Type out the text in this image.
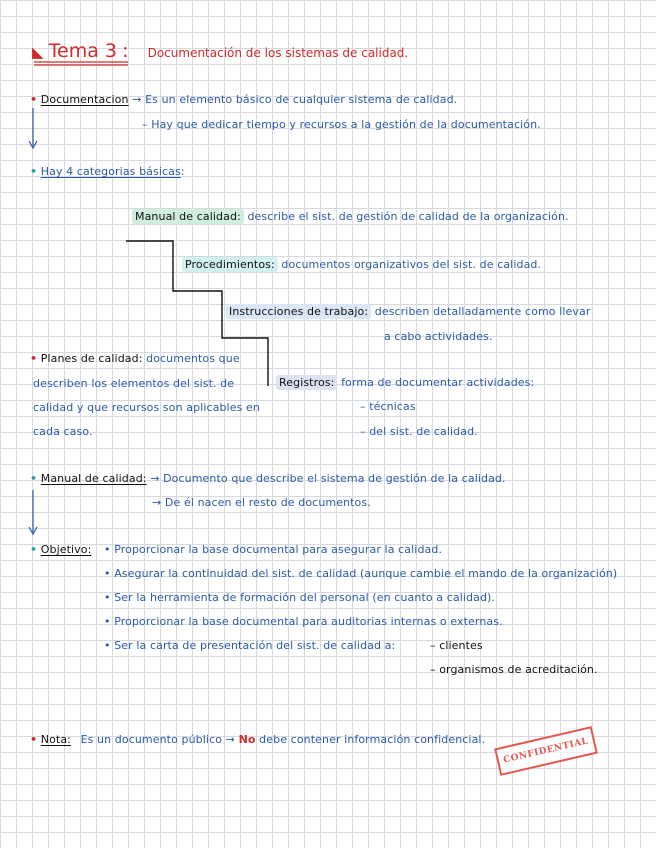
◣ Tema 3 : Documentación de los sistemas de calidad.
• Documentacion → Es un elemento básico de cualquier sistema de calidad.
– Hay que dedicar tiempo y recursos a la gestión de la documentación.
• Hay 4 categorias básicas:
Manual de calidad: describe el sist. de gestión de calidad de la organización.
Procedimientos: documentos organizativos del sist. de calidad.
Instrucciones de trabajo: describen detalladamente como llevar
a cabo actividades.
Registros: forma de documentar actividades:
– técnicas
– del sist. de calidad.
• Planes de calidad: documentos que
describen los elementos del sist. de
calidad y que recursos son aplicables en
cada caso.
• Manual de calidad: → Documento que describe el sistema de gestión de la calidad.
→ De él nacen el resto de documentos.
• Objetivo: • Proporcionar la base documental para asegurar la calidad.
• Asegurar la continuidad del sist. de calidad (aunque cambie el mando de la organización)
• Ser la herramienta de formación del personal (en cuanto a calidad).
• Proporcionar la base documental para auditorias internas o externas.
• Ser la carta de presentación del sist. de calidad a:	– clientes
– organismos de acreditación.
• Nota: Es un documento público → No debe contener información confidencial.	CONFIDENTIAL
